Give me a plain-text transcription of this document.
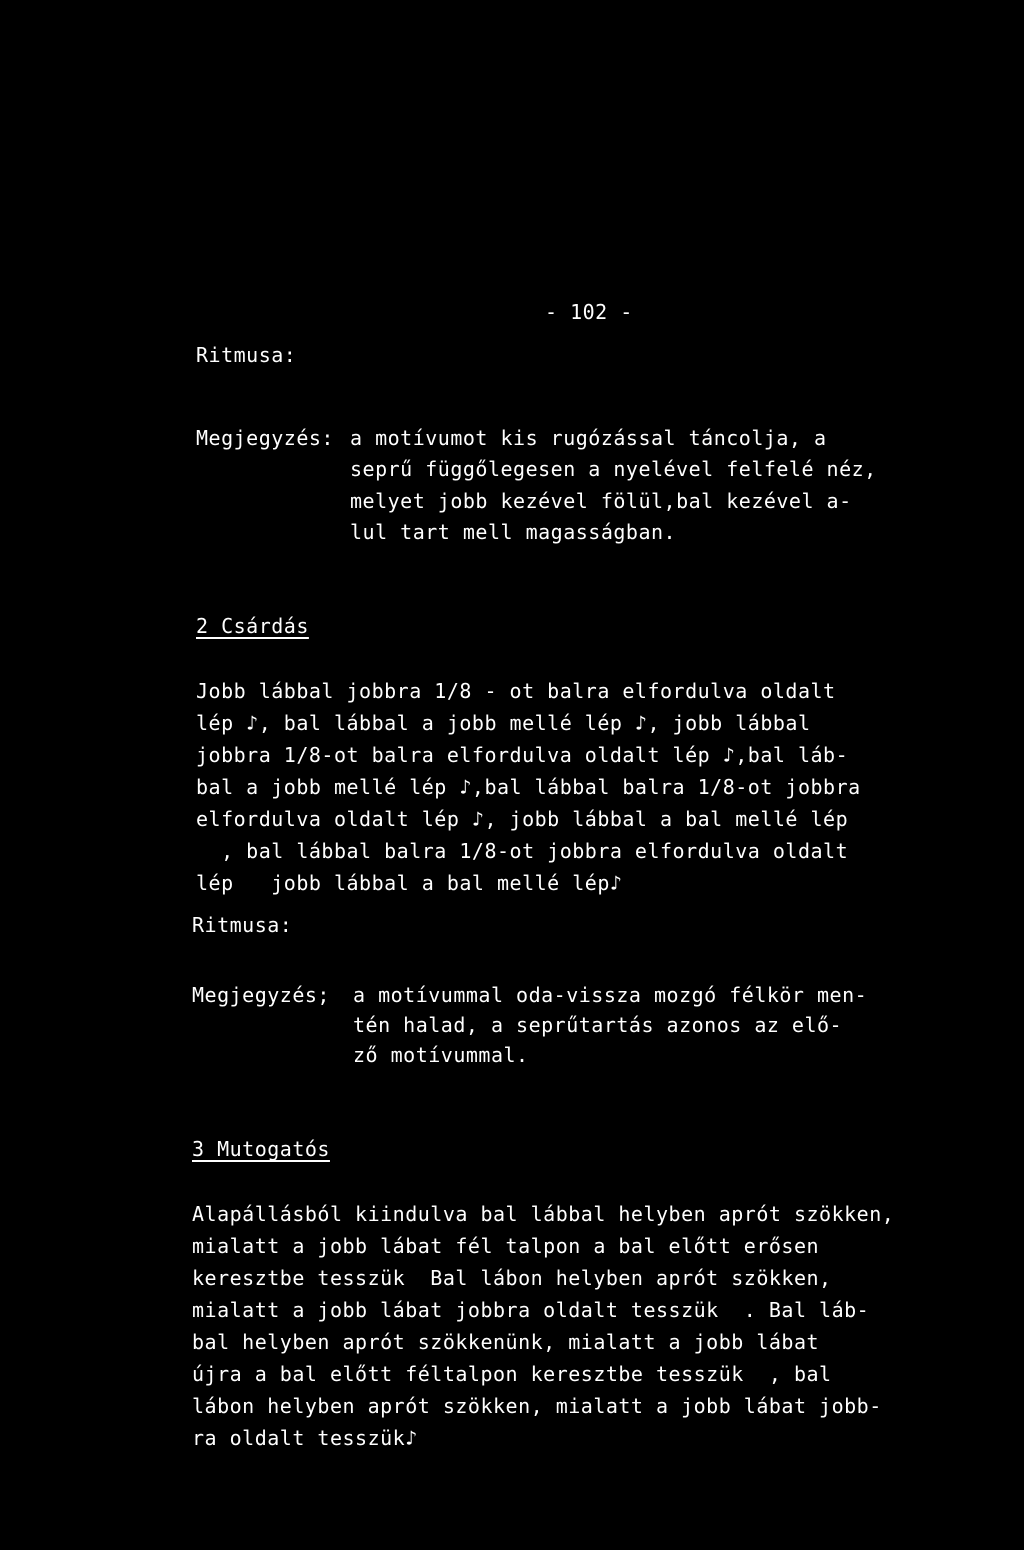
- 102 -
Ritmusa:
Megjegyzés: a motívumot kis rugózással táncolja, a
seprű függőlegesen a nyelével felfelé néz,
melyet jobb kezével fölül,bal kezével a-
lul tart mell magasságban.
2 Csárdás
Jobb lábbal jobbra 1/8 - ot balra elfordulva oldalt
lép ♪, bal lábbal a jobb mellé lép ♪, jobb lábbal
jobbra 1/8-ot balra elfordulva oldalt lép ♪,bal láb-
bal a jobb mellé lép ♪,bal lábbal balra 1/8-ot jobbra
elfordulva oldalt lép ♪, jobb lábbal a bal mellé lép
, bal lábbal balra 1/8-ot jobbra elfordulva oldalt
lép   jobb lábbal a bal mellé lép♪
Ritmusa:
Megjegyzés; a motívummal oda-vissza mozgó félkör men-
tén halad, a seprűtartás azonos az elő-
ző motívummal.
3 Mutogatós
Alapállásból kiindulva bal lábbal helyben aprót szökken,
mialatt a jobb lábat fél talpon a bal előtt erősen
keresztbe tesszük  Bal lábon helyben aprót szökken,
mialatt a jobb lábat jobbra oldalt tesszük  . Bal láb-
bal helyben aprót szökkenünk, mialatt a jobb lábat
újra a bal előtt féltalpon keresztbe tesszük  , bal
lábon helyben aprót szökken, mialatt a jobb lábat jobb-
ra oldalt tesszük♪
